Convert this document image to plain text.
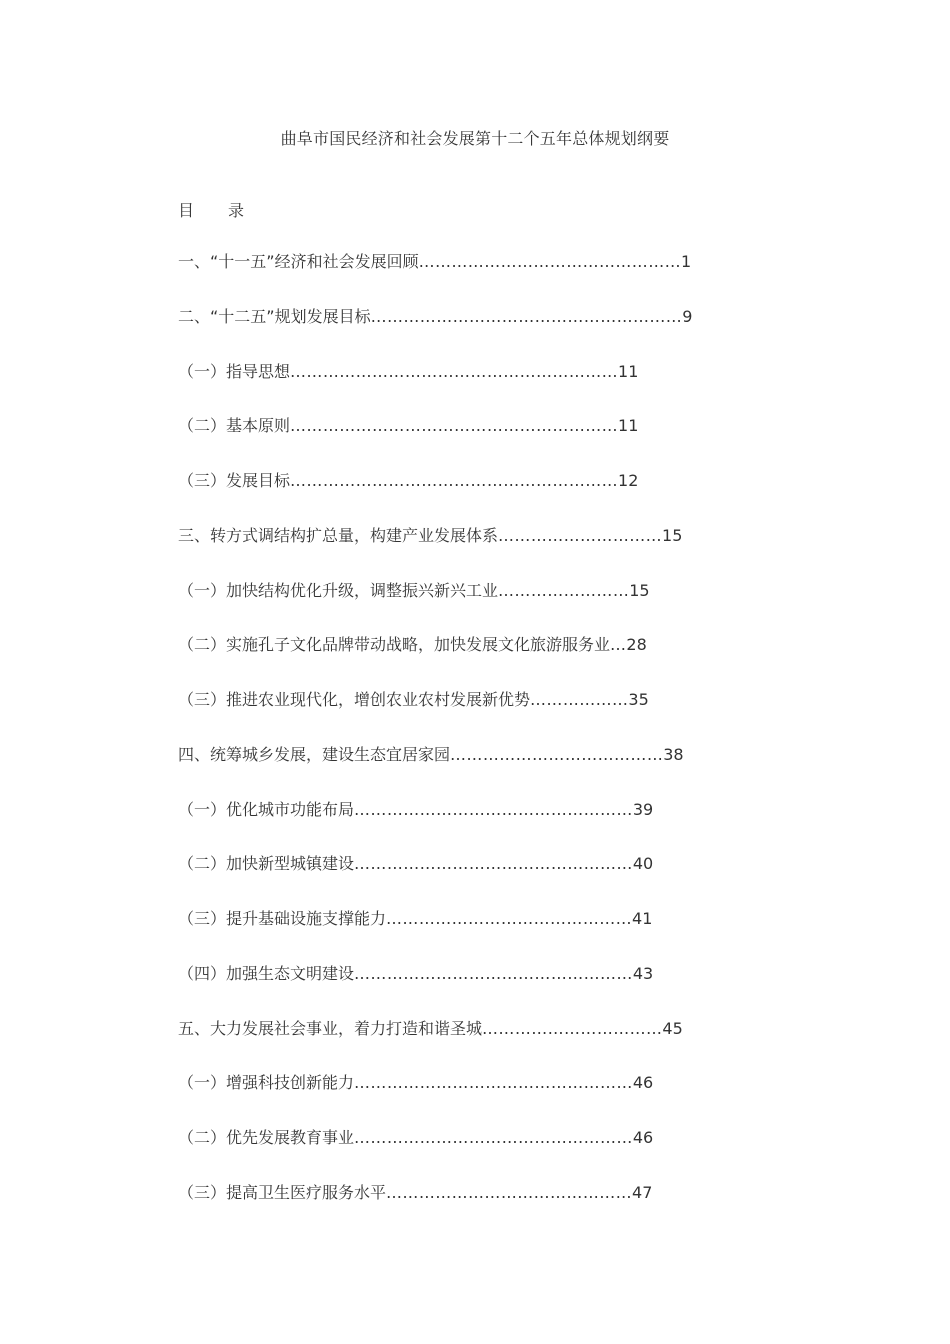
曲阜市国民经济和社会发展第十二个五年总体规划纲要
目 录
一、“十一五”经济和社会发展回顾…………………………………………1
二、“十二五”规划发展目标…………………………………………………9
（一）指导思想……………………………………………………11
（二）基本原则……………………………………………………11
（三）发展目标……………………………………………………12
三、转方式调结构扩总量，构建产业发展体系…………………………15
（一）加快结构优化升级，调整振兴新兴工业……………………15
（二）实施孔子文化品牌带动战略，加快发展文化旅游服务业…28
（三）推进农业现代化，增创农业农村发展新优势………………35
四、统筹城乡发展，建设生态宜居家园…………………………………38
（一）优化城市功能布局……………………………………………39
（二）加快新型城镇建设……………………………………………40
（三）提升基础设施支撑能力………………………………………41
（四）加强生态文明建设……………………………………………43
五、大力发展社会事业，着力打造和谐圣城……………………………45
（一）增强科技创新能力……………………………………………46
（二）优先发展教育事业……………………………………………46
（三）提高卫生医疗服务水平………………………………………47
